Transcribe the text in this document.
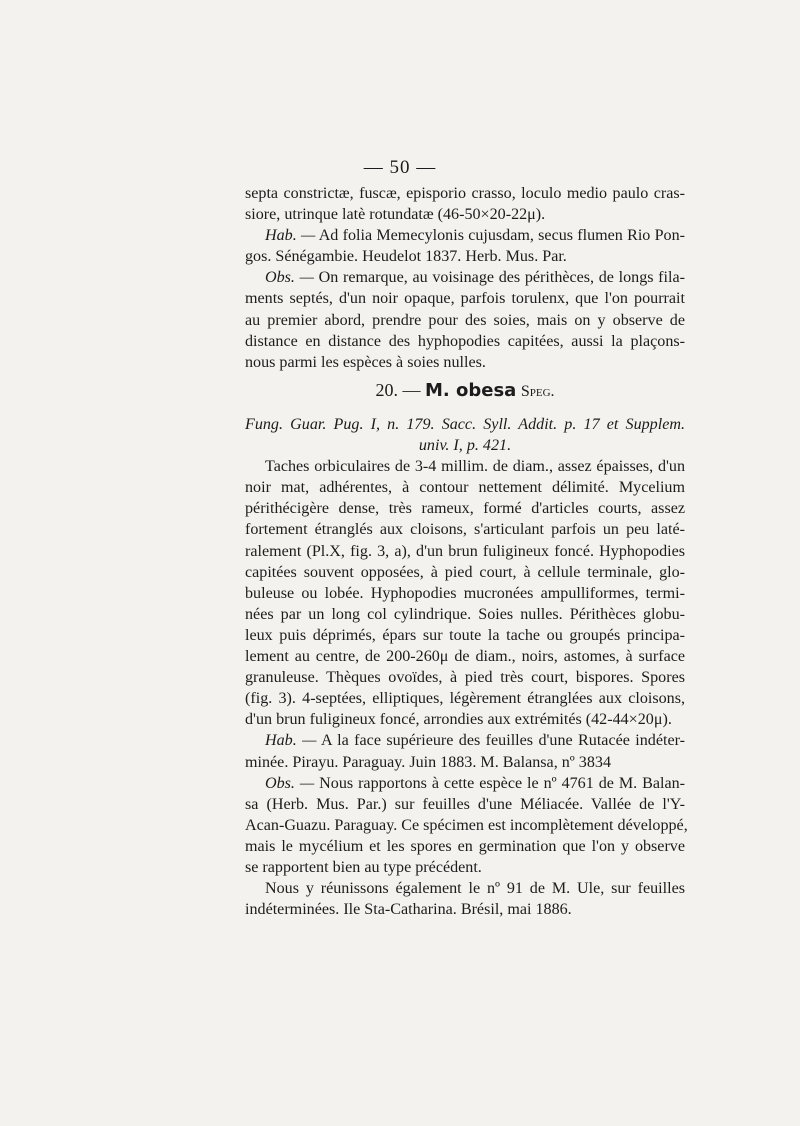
— 50 —
septa constrictæ, fuscæ, episporio crasso, loculo medio paulo cras-
siore, utrinque latè rotundatæ (46-50×20-22μ).
Hab. — Ad folia Memecylonis cujusdam, secus flumen Rio Pon-
gos. Sénégambie. Heudelot 1837. Herb. Mus. Par.
Obs. — On remarque, au voisinage des périthèces, de longs fila-
ments septés, d'un noir opaque, parfois torulenx, que l'on pourrait
au premier abord, prendre pour des soies, mais on y observe de
distance en distance des hyphopodies capitées, aussi la plaçons-
nous parmi les espèces à soies nulles.
20. — M. obesa Speg.
Fung. Guar. Pug. I, n. 179. Sacc. Syll. Addit. p. 17 et Supplem.
univ. I, p. 421.
Taches orbiculaires de 3-4 millim. de diam., assez épaisses, d'un
noir mat, adhérentes, à contour nettement délimité. Mycelium
périthécigère dense, très rameux, formé d'articles courts, assez
fortement étranglés aux cloisons, s'articulant parfois un peu laté-
ralement (Pl.X, fig. 3, a), d'un brun fuligineux foncé. Hyphopodies
capitées souvent opposées, à pied court, à cellule terminale, glo-
buleuse ou lobée. Hyphopodies mucronées ampulliformes, termi-
nées par un long col cylindrique. Soies nulles. Périthèces globu-
leux puis déprimés, épars sur toute la tache ou groupés principa-
lement au centre, de 200-260μ de diam., noirs, astomes, à surface
granuleuse. Thèques ovoïdes, à pied très court, bispores. Spores
(fig. 3). 4-septées, elliptiques, légèrement étranglées aux cloisons,
d'un brun fuligineux foncé, arrondies aux extrémités (42-44×20μ).
Hab. — A la face supérieure des feuilles d'une Rutacée indéter-
minée. Pirayu. Paraguay. Juin 1883. M. Balansa, nº 3834
Obs. — Nous rapportons à cette espèce le nº 4761 de M. Balan-
sa (Herb. Mus. Par.) sur feuilles d'une Méliacée. Vallée de l'Y-
Acan-Guazu. Paraguay. Ce spécimen est incomplètement développé,
mais le mycélium et les spores en germination que l'on y observe
se rapportent bien au type précédent.
Nous y réunissons également le nº 91 de M. Ule, sur feuilles
indéterminées. Ile Sta-Catharina. Brésil, mai 1886.
